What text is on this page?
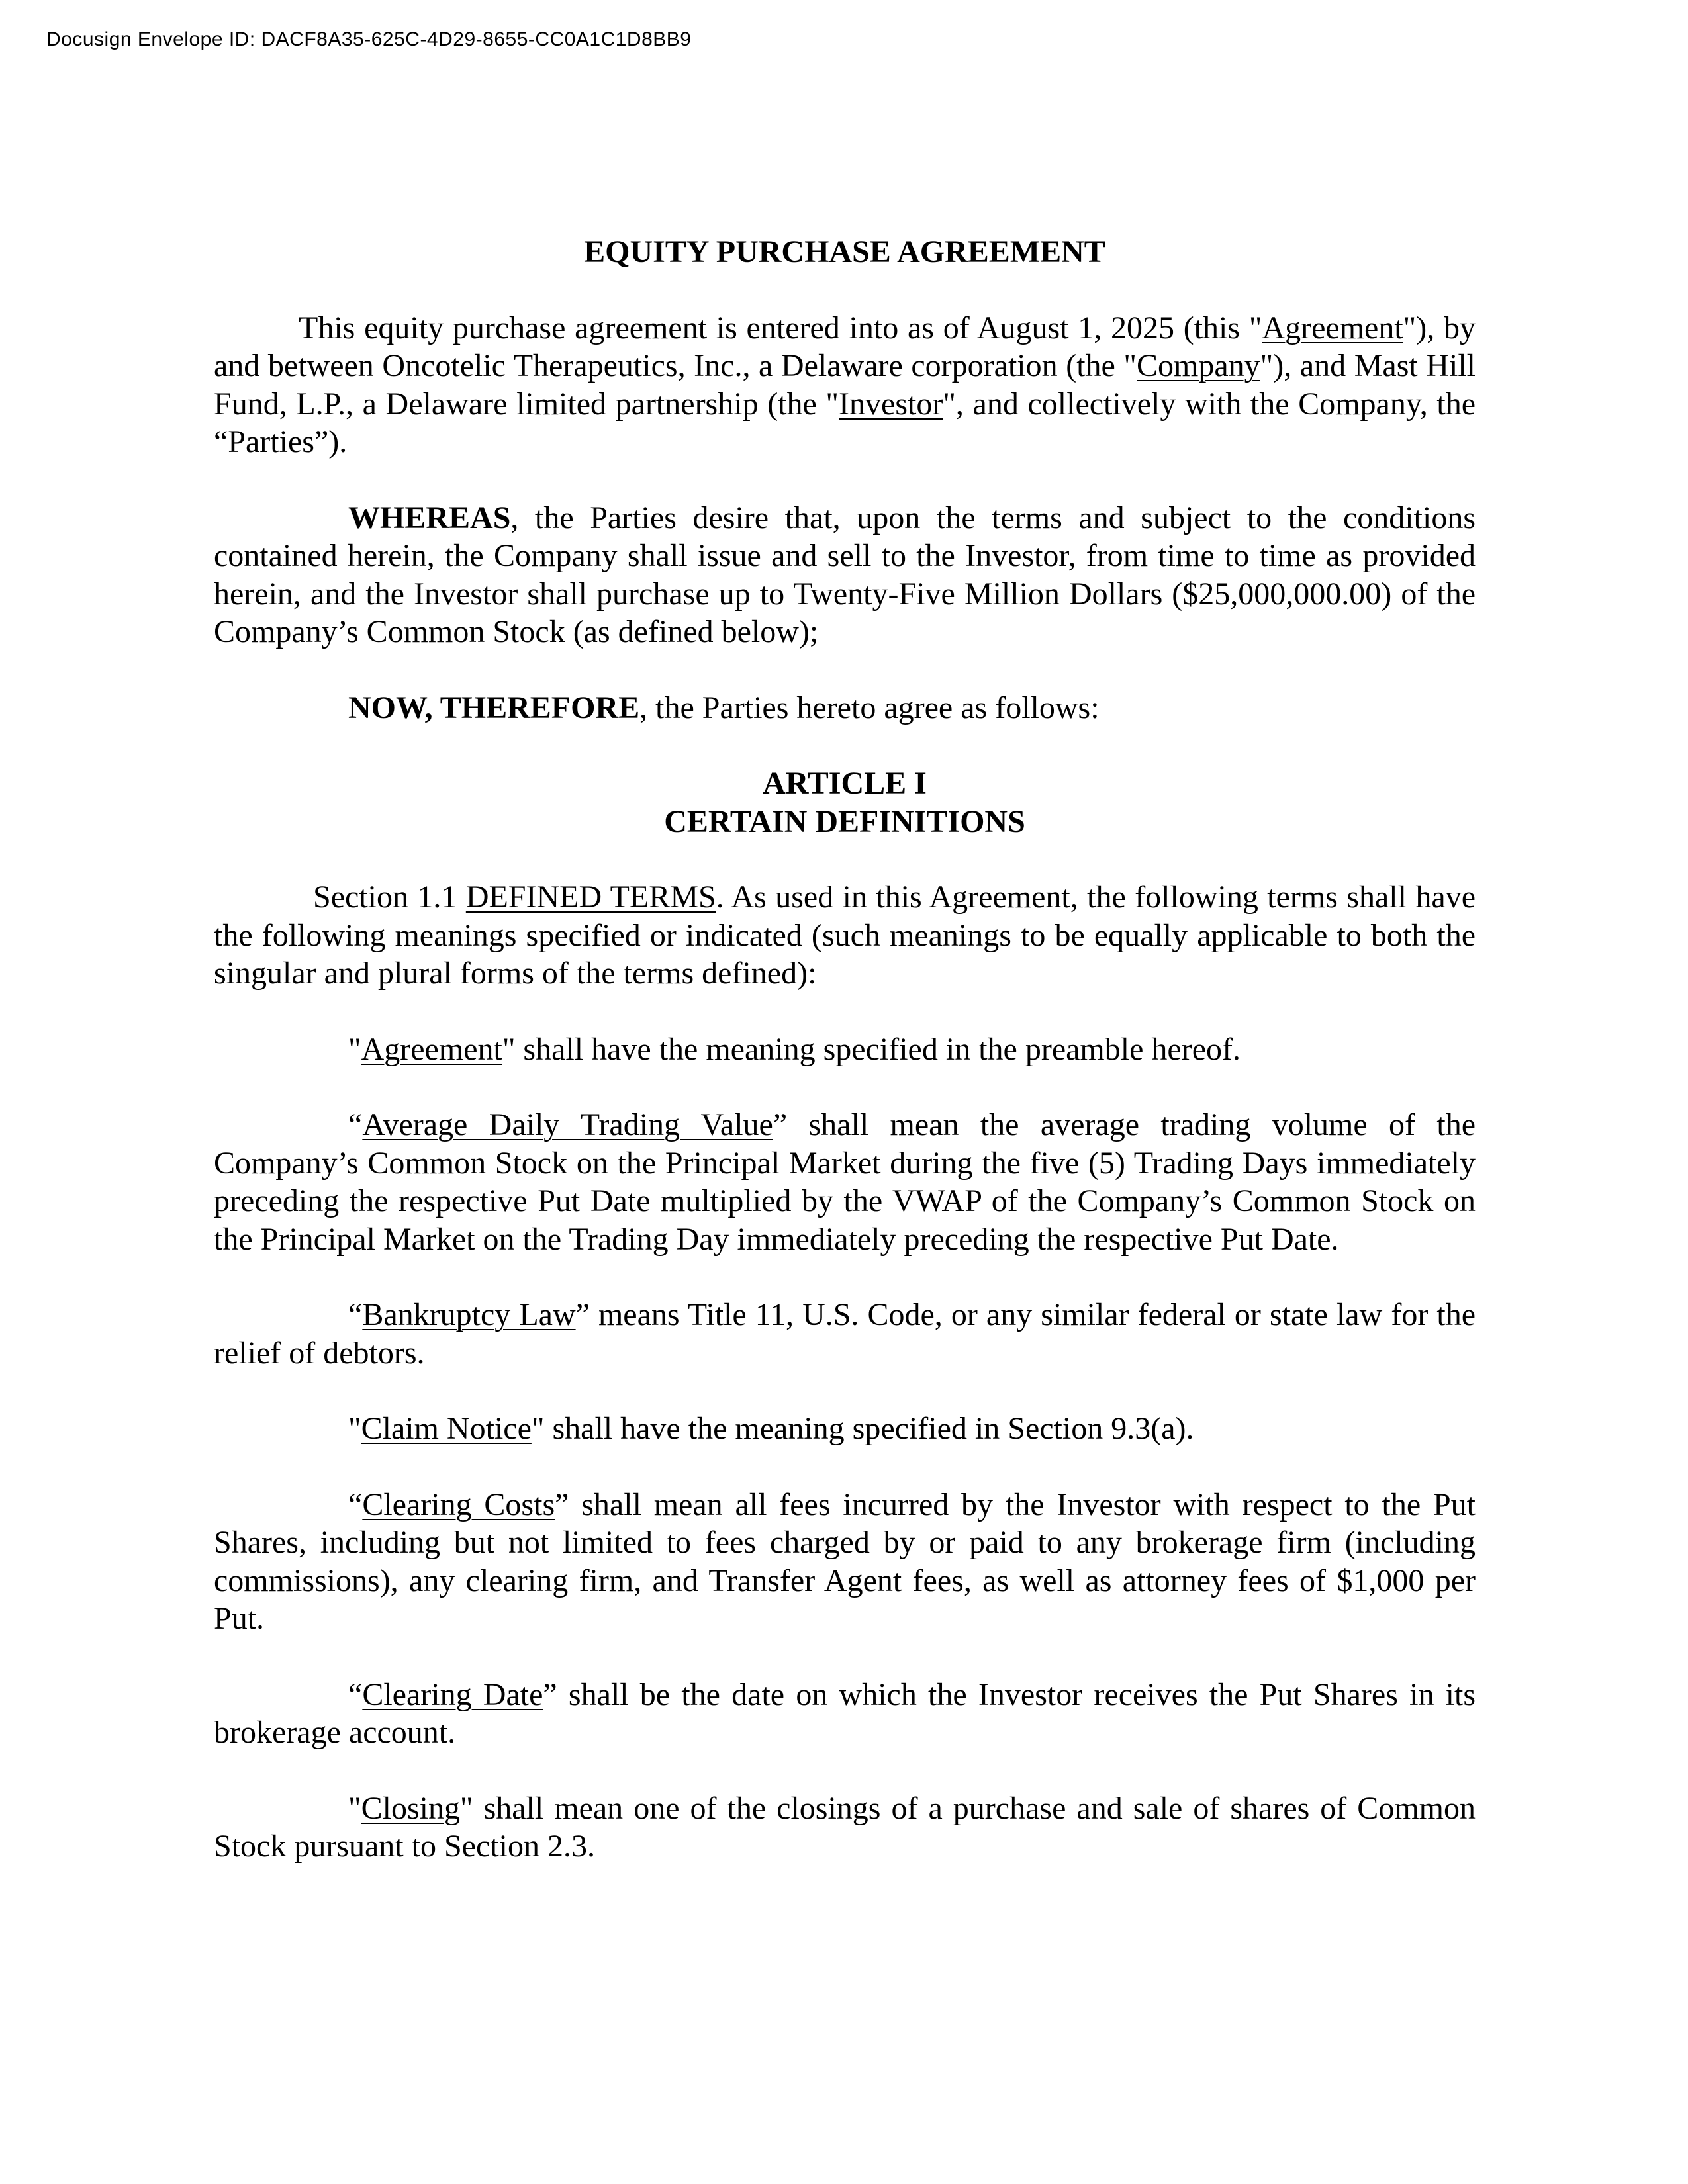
Docusign Envelope ID: DACF8A35-625C-4D29-8655-CC0A1C1D8BB9
EQUITY PURCHASE AGREEMENT

This equity purchase agreement is entered into as of August 1, 2025 (this "Agreement"), by and between Oncotelic Therapeutics, Inc., a Delaware corporation (the "Company"), and Mast Hill Fund, L.P., a Delaware limited partnership (the "Investor", and collectively with the Company, the “Parties”).

WHEREAS, the Parties desire that, upon the terms and subject to the conditions contained herein, the Company shall issue and sell to the Investor, from time to time as provided herein, and the Investor shall purchase up to Twenty-Five Million Dollars ($25,000,000.00) of the Company’s Common Stock (as defined below);

NOW, THEREFORE, the Parties hereto agree as follows:

ARTICLE I
CERTAIN DEFINITIONS

Section 1.1 DEFINED TERMS. As used in this Agreement, the following terms shall have the following meanings specified or indicated (such meanings to be equally applicable to both the singular and plural forms of the terms defined):

"Agreement" shall have the meaning specified in the preamble hereof.

“Average Daily Trading Value” shall mean the average trading volume of the Company’s Common Stock on the Principal Market during the five (5) Trading Days immediately preceding the respective Put Date multiplied by the VWAP of the Company’s Common Stock on the Principal Market on the Trading Day immediately preceding the respective Put Date.

“Bankruptcy Law” means Title 11, U.S. Code, or any similar federal or state law for the relief of debtors.

"Claim Notice" shall have the meaning specified in Section 9.3(a).

“Clearing Costs” shall mean all fees incurred by the Investor with respect to the Put Shares, including but not limited to fees charged by or paid to any brokerage firm (including commissions), any clearing firm, and Transfer Agent fees, as well as attorney fees of $1,000 per Put.

“Clearing Date” shall be the date on which the Investor receives the Put Shares in its brokerage account.

"Closing" shall mean one of the closings of a purchase and sale of shares of Common Stock pursuant to Section 2.3.
